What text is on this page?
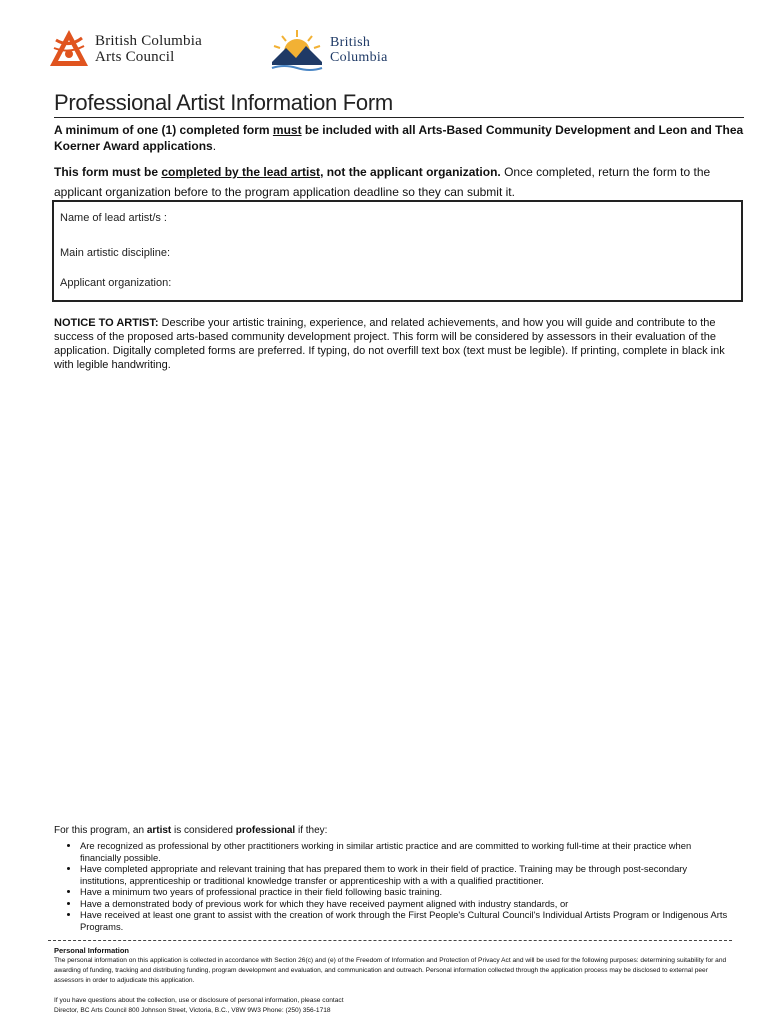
British Columbia
Arts Council
British
Columbia
Professional Artist Information Form

A minimum of one (1) completed form must be included with all Arts-Based Community Development and Leon and Thea Koerner Award applications.

This form must be completed by the lead artist, not the applicant organization. Once completed, return the form to the applicant organization before to the program application deadline so they can submit it.

Name of lead artist/s :
Main artistic discipline:
Applicant organization:

NOTICE TO ARTIST: Describe your artistic training, experience, and related achievements, and how you will guide and contribute to the success of the proposed arts-based community development project. This form will be considered by assessors in their evaluation of the application. Digitally completed forms are preferred. If typing, do not overfill text box (text must be legible). If printing, complete in black ink with legible handwriting.

For this program, an artist is considered professional if they:

• Are recognized as professional by other practitioners working in similar artistic practice and are committed to working full-time at their practice when financially possible.
• Have completed appropriate and relevant training that has prepared them to work in their field of practice. Training may be through post-secondary institutions, apprenticeship or traditional knowledge transfer or apprenticeship with a with a qualified practitioner.
• Have a minimum two years of professional practice in their field following basic training.
• Have a demonstrated body of previous work for which they have received payment aligned with industry standards, or
• Have received at least one grant to assist with the creation of work through the First People's Cultural Council's Individual Artists Program or Indigenous Arts Programs.
Personal Information
The personal information on this application is collected in accordance with Section 26(c) and (e) of the Freedom of Information and Protection of Privacy Act and will be used for the following purposes: determining suitability for and awarding of funding, tracking and distributing funding, program development and evaluation, and communication and outreach. Personal information collected through the application process may be disclosed to external peer assessors in order to adjudicate this application.
If you have questions about the collection, use or disclosure of personal information, please contact
Director, BC Arts Council 800 Johnson Street, Victoria, B.C., V8W 9W3 Phone: (250) 356-1718
